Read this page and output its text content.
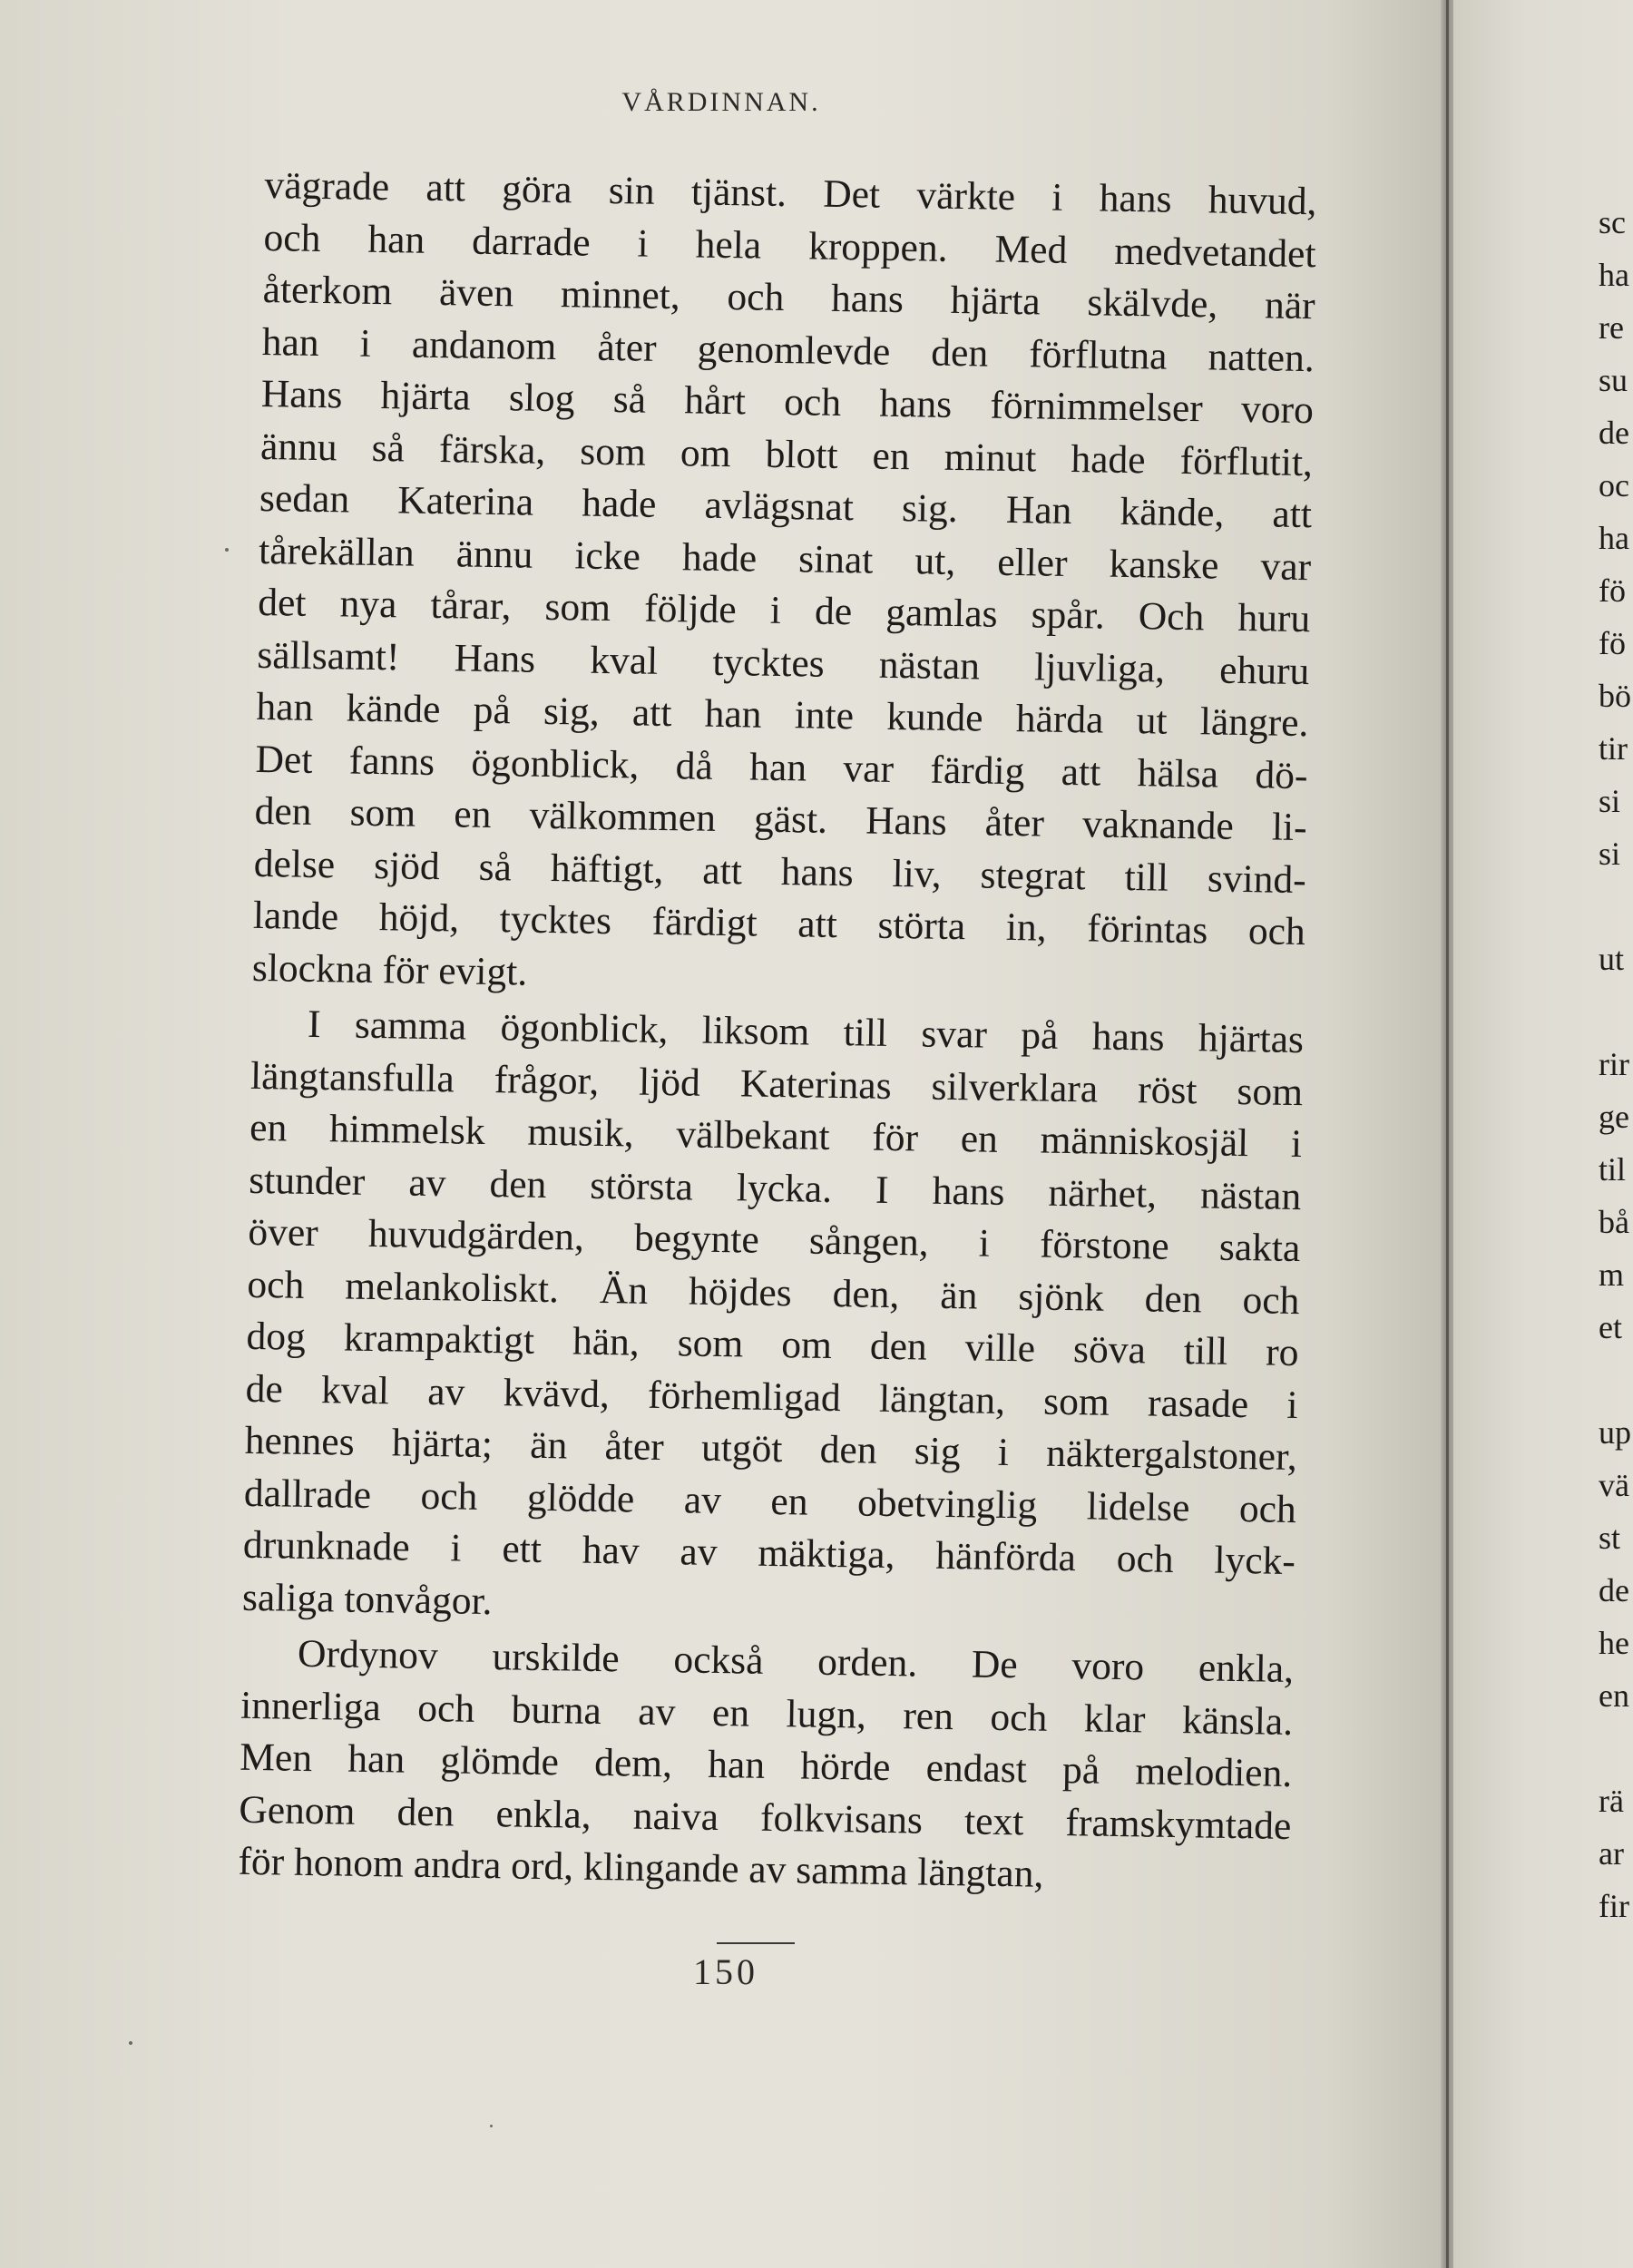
VÅRDINNAN.
vägrade att göra sin tjänst. Det värkte i hans huvud,
och han darrade i hela kroppen. Med medvetandet
återkom även minnet, och hans hjärta skälvde, när
han i andanom åter genomlevde den förflutna natten.
Hans hjärta slog så hårt och hans förnimmelser voro
ännu så färska, som om blott en minut hade förflutit,
sedan Katerina hade avlägsnat sig. Han kände, att
tårekällan ännu icke hade sinat ut, eller kanske var
det nya tårar, som följde i de gamlas spår. Och huru
sällsamt! Hans kval tycktes nästan ljuvliga, ehuru
han kände på sig, att han inte kunde härda ut längre.
Det fanns ögonblick, då han var färdig att hälsa dö-
den som en välkommen gäst. Hans åter vaknande li-
delse sjöd så häftigt, att hans liv, stegrat till svind-
lande höjd, tycktes färdigt att störta in, förintas och
slockna för evigt.
I samma ögonblick, liksom till svar på hans hjärtas
längtansfulla frågor, ljöd Katerinas silverklara röst som
en himmelsk musik, välbekant för en människosjäl i
stunder av den största lycka. I hans närhet, nästan
över huvudgärden, begynte sången, i förstone sakta
och melankoliskt. Än höjdes den, än sjönk den och
dog krampaktigt hän, som om den ville söva till ro
de kval av kvävd, förhemligad längtan, som rasade i
hennes hjärta; än åter utgöt den sig i näktergalstoner,
dallrade och glödde av en obetvinglig lidelse och
drunknade i ett hav av mäktiga, hänförda och lyck-
saliga tonvågor.
Ordynov urskilde också orden. De voro enkla,
innerliga och burna av en lugn, ren och klar känsla.
Men han glömde dem, han hörde endast på melodien.
Genom den enkla, naiva folkvisans text framskymtade
för honom andra ord, klingande av samma längtan,
150
sc
ha
re
su
de
oc
ha
fö
fö
bö
tir
si
si
ut
rir
ge
til
bå
m
et
up
vä
st
de
he
en
rä
ar
fir
